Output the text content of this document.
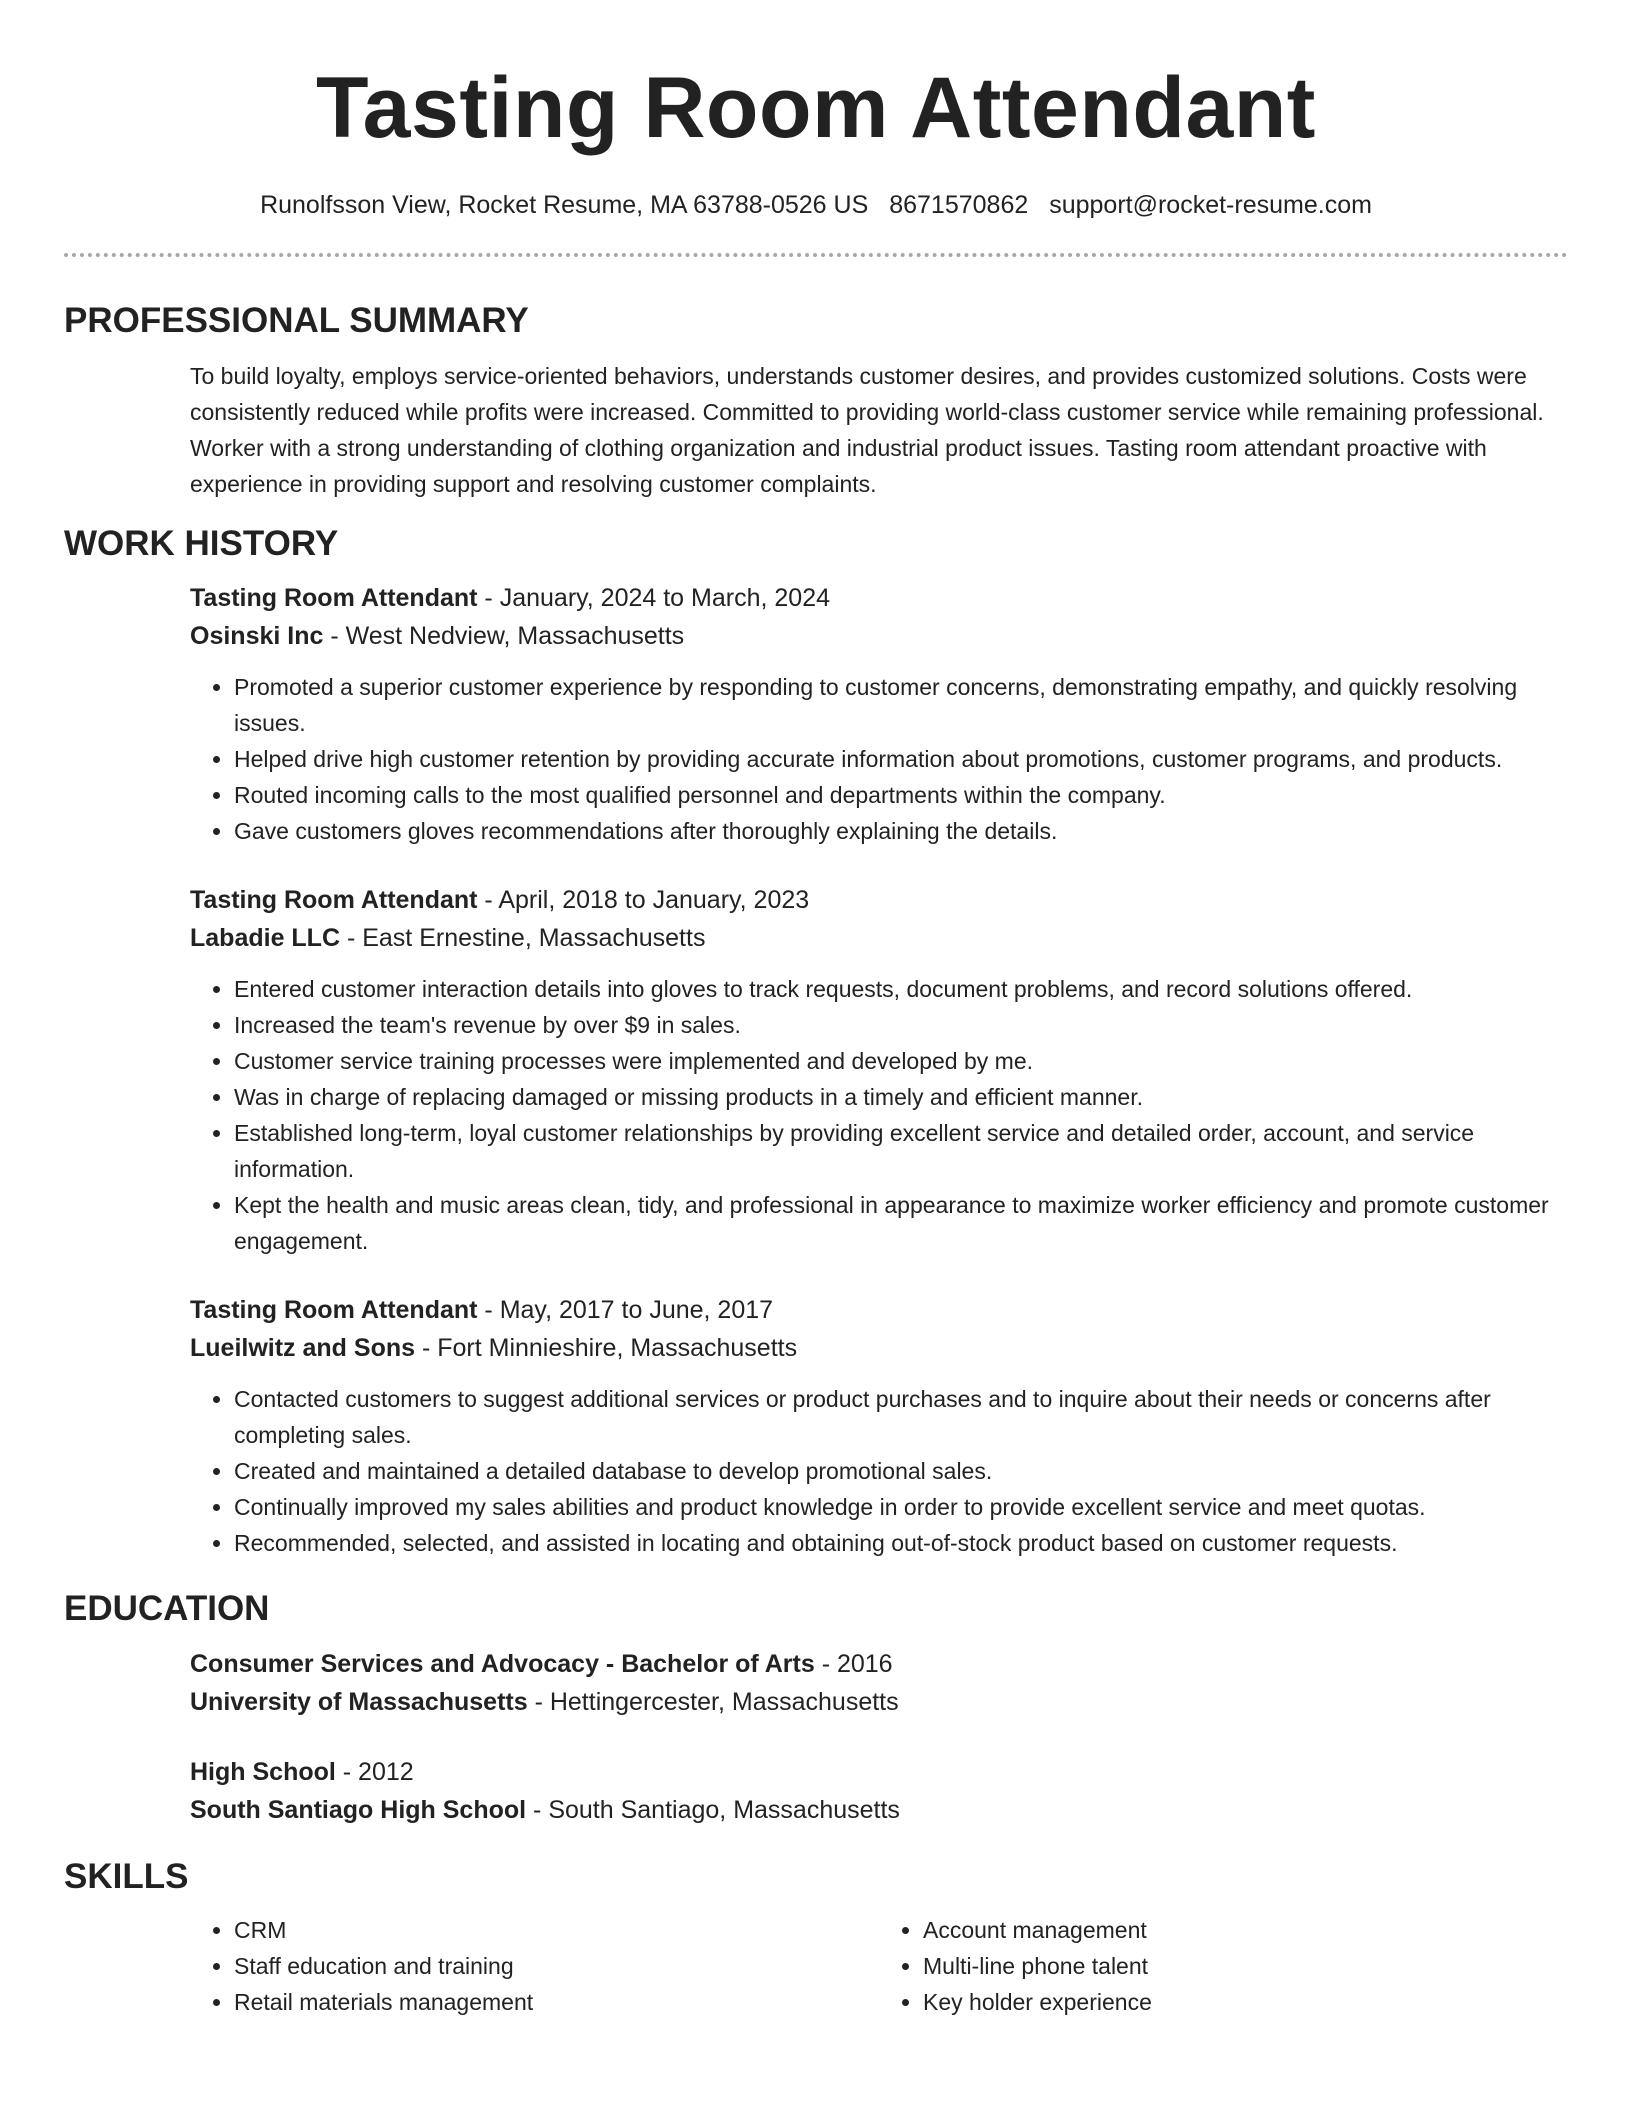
Tasting Room Attendant
Runolfsson View, Rocket Resume, MA 63788-0526 US 8671570862 support@rocket-resume.com
PROFESSIONAL SUMMARY

To build loyalty, employs service-oriented behaviors, understands customer desires, and provides customized solutions. Costs were consistently reduced while profits were increased. Committed to providing world-class customer service while remaining professional. Worker with a strong understanding of clothing organization and industrial product issues. Tasting room attendant proactive with experience in providing support and resolving customer complaints.

WORK HISTORY

Tasting Room Attendant - January, 2024 to March, 2024

Osinski Inc - West Nedview, Massachusetts

• Promoted a superior customer experience by responding to customer concerns, demonstrating empathy, and quickly resolving issues.
• Helped drive high customer retention by providing accurate information about promotions, customer programs, and products.
• Routed incoming calls to the most qualified personnel and departments within the company.
• Gave customers gloves recommendations after thoroughly explaining the details.

Tasting Room Attendant - April, 2018 to January, 2023

Labadie LLC - East Ernestine, Massachusetts

• Entered customer interaction details into gloves to track requests, document problems, and record solutions offered.
• Increased the team's revenue by over $9 in sales.
• Customer service training processes were implemented and developed by me.
• Was in charge of replacing damaged or missing products in a timely and efficient manner.
• Established long-term, loyal customer relationships by providing excellent service and detailed order, account, and service information.
• Kept the health and music areas clean, tidy, and professional in appearance to maximize worker efficiency and promote customer engagement.

Tasting Room Attendant - May, 2017 to June, 2017

Lueilwitz and Sons - Fort Minnieshire, Massachusetts

• Contacted customers to suggest additional services or product purchases and to inquire about their needs or concerns after completing sales.
• Created and maintained a detailed database to develop promotional sales.
• Continually improved my sales abilities and product knowledge in order to provide excellent service and meet quotas.
• Recommended, selected, and assisted in locating and obtaining out-of-stock product based on customer requests.
EDUCATION

Consumer Services and Advocacy - Bachelor of Arts - 2016

University of Massachusetts - Hettingercester, Massachusetts

High School - 2012

South Santiago High School - South Santiago, Massachusetts

SKILLS
• CRM
• Staff education and training
• Retail materials management
• Account management
• Multi-line phone talent
• Key holder experience
